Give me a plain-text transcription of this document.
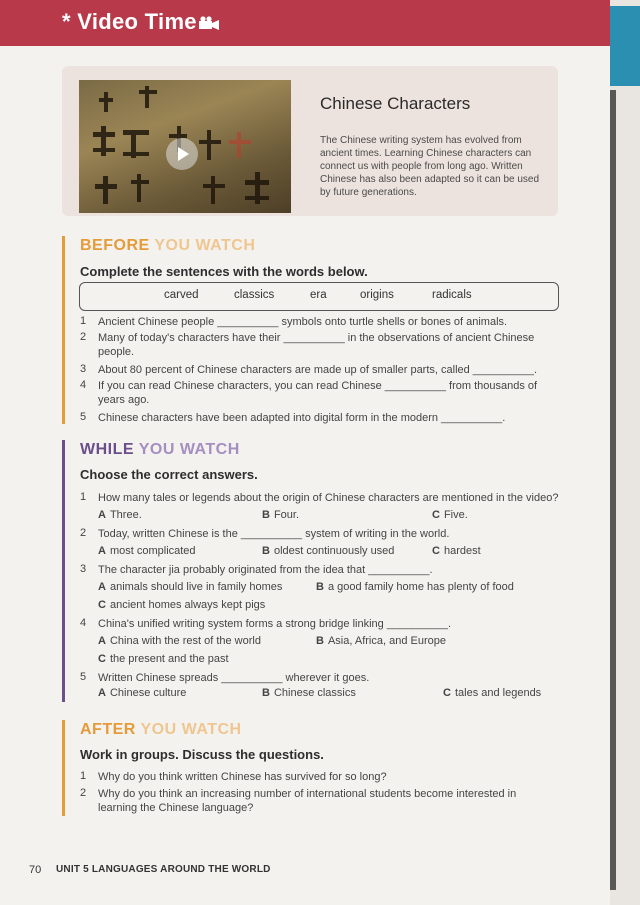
* Video Time
Chinese Characters
The Chinese writing system has evolved from ancient times. Learning Chinese characters can connect us with people from long ago. Written Chinese has also been adapted so it can be used by future generations.
BEFORE YOU WATCH
Complete the sentences with the words below.
carved	classics	era	origins	radicals
1 Ancient Chinese people __________ symbols onto turtle shells or bones of animals.
2 Many of today's characters have their __________ in the observations of ancient Chinese
people.
3 About 80 percent of Chinese characters are made up of smaller parts, called __________.
4 If you can read Chinese characters, you can read Chinese __________ from thousands of
years ago.
5 Chinese characters have been adapted into digital form in the modern __________.
WHILE YOU WATCH
Choose the correct answers.
1 How many tales or legends about the origin of Chinese characters are mentioned in the video?
A Three.	B Four.	C Five.
2 Today, written Chinese is the __________ system of writing in the world.
A most complicated	B oldest continuously used	C hardest
3 The character jia probably originated from the idea that __________.
A animals should live in family homes	B a good family home has plenty of food
C ancient homes always kept pigs
4 China's unified writing system forms a strong bridge linking __________.
A China with the rest of the world	B Asia, Africa, and Europe
C the present and the past
5 Written Chinese spreads __________ wherever it goes.
A Chinese culture	B Chinese classics	C tales and legends
AFTER YOU WATCH
Work in groups. Discuss the questions.
1 Why do you think written Chinese has survived for so long?
2 Why do you think an increasing number of international students become interested in
learning the Chinese language?
70 UNIT 5 LANGUAGES AROUND THE WORLD
